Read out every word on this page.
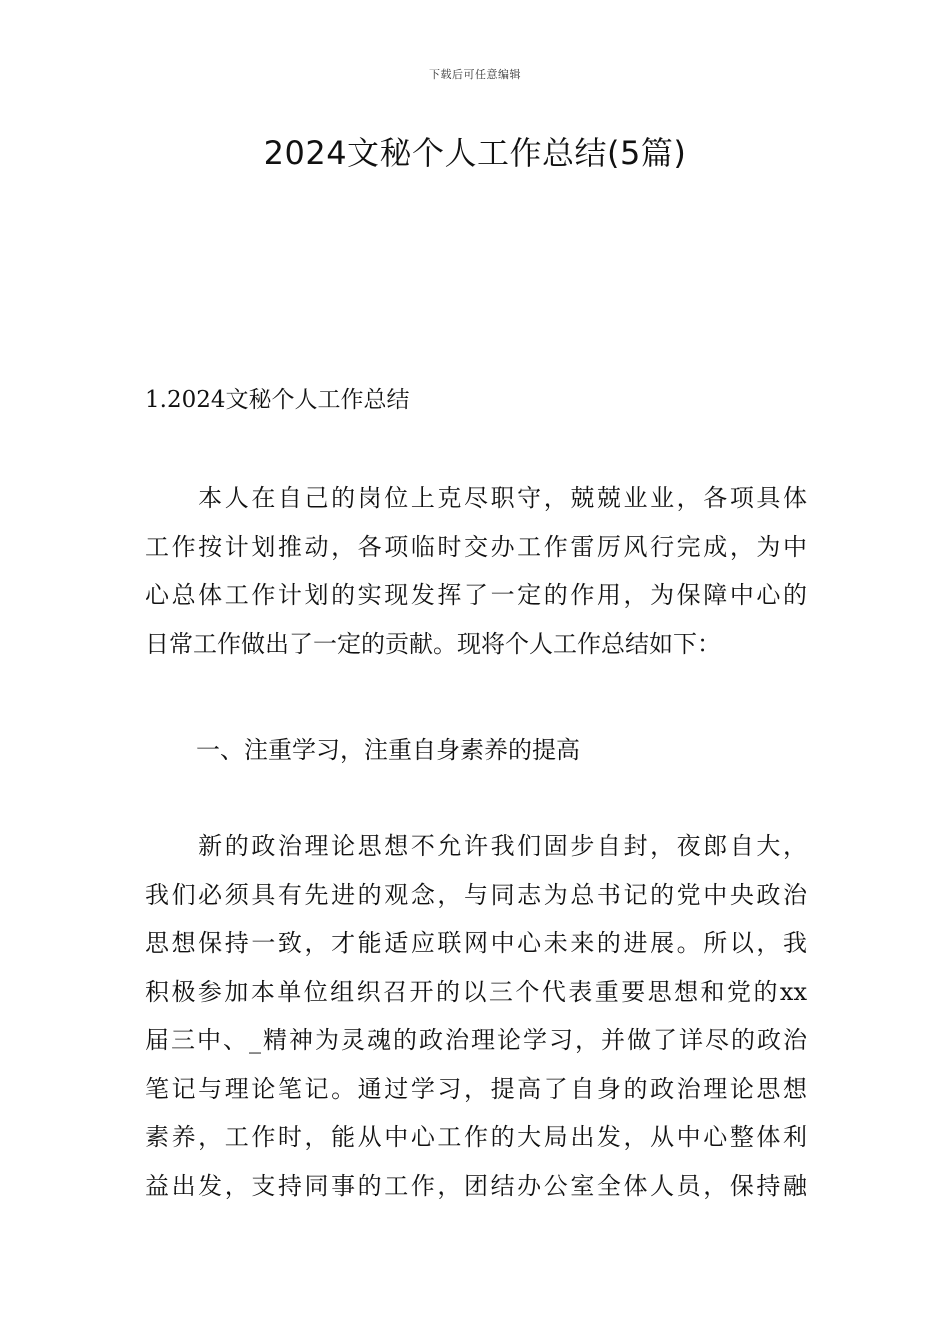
下载后可任意编辑
2024文秘个人工作总结(5篇)
1.2024文秘个人工作总结
　　本人在自己的岗位上克尽职守，兢兢业业，各项具体
工作按计划推动，各项临时交办工作雷厉风行完成，为中
心总体工作计划的实现发挥了一定的作用，为保障中心的
日常工作做出了一定的贡献。现将个人工作总结如下：
一、注重学习，注重自身素养的提高
　　新的政治理论思想不允许我们固步自封，夜郎自大，
我们必须具有先进的观念，与同志为总书记的党中央政治
思想保持一致，才能适应联网中心未来的进展。所以，我
积极参加本单位组织召开的以三个代表重要思想和党的xx
届三中、_精神为灵魂的政治理论学习，并做了详尽的政治
笔记与理论笔记。通过学习，提高了自身的政治理论思想
素养，工作时，能从中心工作的大局出发，从中心整体利
益出发，支持同事的工作，团结办公室全体人员，保持融
